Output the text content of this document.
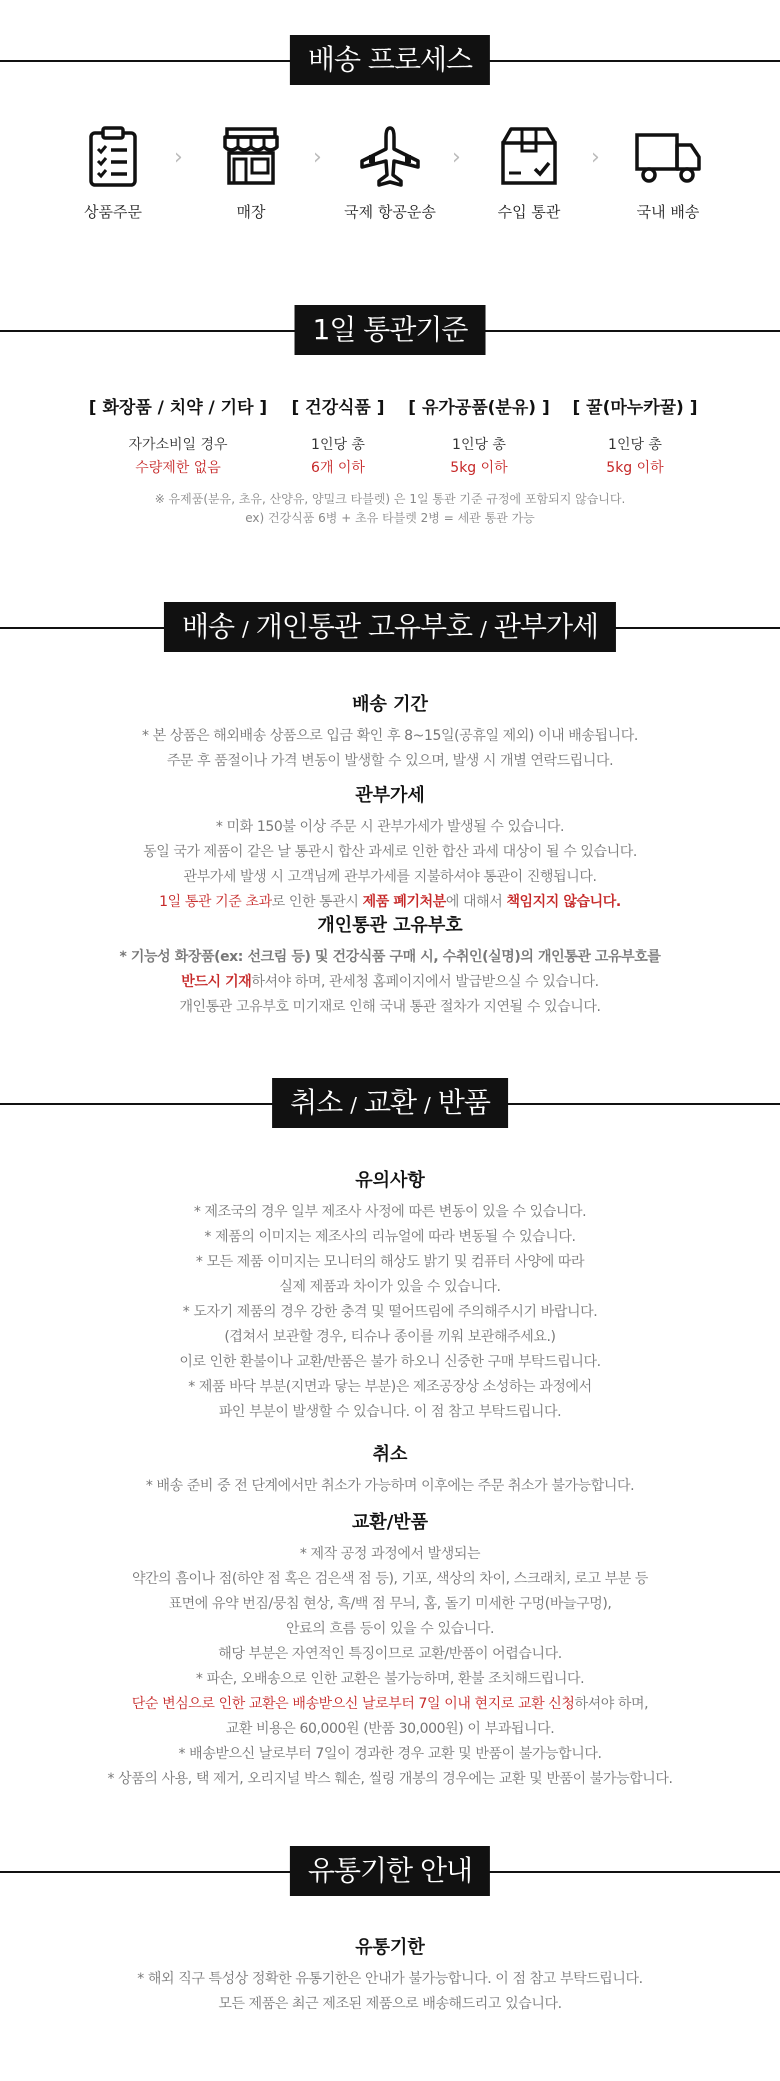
배송 프로세스
상품주문
›
매장
›
국제 항공운송
›
수입 통관
›
국내 배송
1일 통관기준
[ 화장품 / 치약 / 기타 ]
자가소비일 경우
수량제한 없음
[ 건강식품 ]
1인당 총
6개 이하
[ 유가공품(분유) ]
1인당 총
5kg 이하
[ 꿀(마누카꿀) ]
1인당 총
5kg 이하
※ 유제품(분유, 초유, 산양유, 양밀크 타블렛) 은 1일 통관 기준 규정에 포함되지 않습니다.
ex) 건강식품 6병 + 초유 타블렛 2병 = 세관 통관 가능
배송 / 개인통관 고유부호 / 관부가세
배송 기간

* 본 상품은 해외배송 상품으로 입금 확인 후 8~15일(공휴일 제외) 이내 배송됩니다.

주문 후 품절이나 가격 변동이 발생할 수 있으며, 발생 시 개별 연락드립니다.

관부가세

* 미화 150불 이상 주문 시 관부가세가 발생될 수 있습니다.

동일 국가 제품이 같은 날 통관시 합산 과세로 인한 합산 과세 대상이 될 수 있습니다.

관부가세 발생 시 고객님께 관부가세를 지불하셔야 통관이 진행됩니다.

1일 통관 기준 초과로 인한 통관시 제품 폐기처분에 대해서 책임지지 않습니다.

개인통관 고유부호

* 기능성 화장품(ex: 선크림 등) 및 건강식품 구매 시, 수취인(실명)의 개인통관 고유부호를

반드시 기재하셔야 하며, 관세청 홈페이지에서 발급받으실 수 있습니다.

개인통관 고유부호 미기재로 인해 국내 통관 절차가 지연될 수 있습니다.

취소 / 교환 / 반품
유의사항

* 제조국의 경우 일부 제조사 사정에 따른 변동이 있을 수 있습니다.

* 제품의 이미지는 제조사의 리뉴얼에 따라 변동될 수 있습니다.

* 모든 제품 이미지는 모니터의 해상도 밝기 및 컴퓨터 사양에 따라

실제 제품과 차이가 있을 수 있습니다.

* 도자기 제품의 경우 강한 충격 및 떨어뜨림에 주의해주시기 바랍니다.

(겹쳐서 보관할 경우, 티슈나 종이를 끼워 보관해주세요.)

이로 인한 환불이나 교환/반품은 불가 하오니 신중한 구매 부탁드립니다.

* 제품 바닥 부분(지면과 닿는 부분)은 제조공장상 소성하는 과정에서

파인 부분이 발생할 수 있습니다. 이 점 참고 부탁드립니다.

취소

* 배송 준비 중 전 단계에서만 취소가 가능하며 이후에는 주문 취소가 불가능합니다.

교환/반품

* 제작 공정 과정에서 발생되는

약간의 흠이나 점(하얀 점 혹은 검은색 점 등), 기포, 색상의 차이, 스크래치, 로고 부분 등

표면에 유약 번짐/뭉침 현상, 흑/백 점 무늬, 홈, 돌기 미세한 구멍(바늘구멍),

안료의 흐름 등이 있을 수 있습니다.

해당 부분은 자연적인 특징이므로 교환/반품이 어렵습니다.

* 파손, 오배송으로 인한 교환은 불가능하며, 환불 조치해드립니다.

단순 변심으로 인한 교환은 배송받으신 날로부터 7일 이내 현지로 교환 신청하셔야 하며,

교환 비용은 60,000원 (반품 30,000원) 이 부과됩니다.

* 배송받으신 날로부터 7일이 경과한 경우 교환 및 반품이 불가능합니다.

* 상품의 사용, 택 제거, 오리지널 박스 훼손, 씰링 개봉의 경우에는 교환 및 반품이 불가능합니다.

유통기한 안내
유통기한

* 해외 직구 특성상 정확한 유통기한은 안내가 불가능합니다. 이 점 참고 부탁드립니다.

모든 제품은 최근 제조된 제품으로 배송해드리고 있습니다.
